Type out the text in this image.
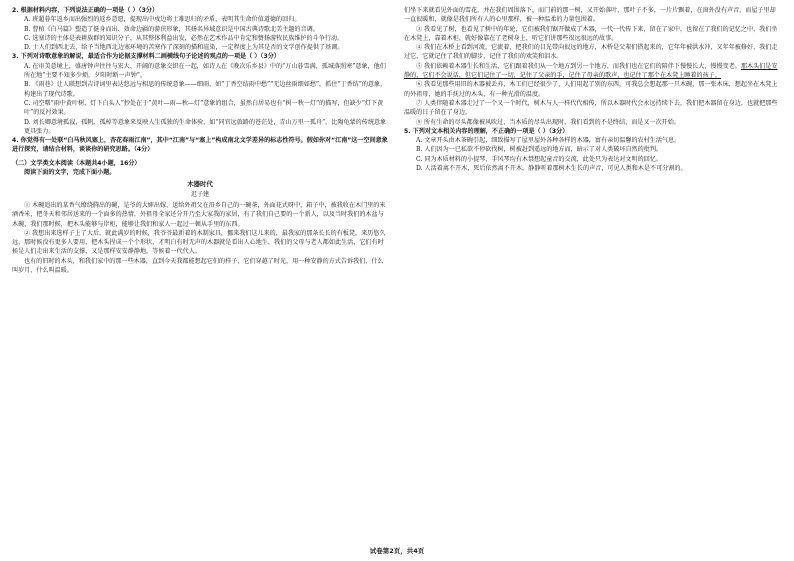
2. 根据材料内容，下列说法正确的一项是（ ）（3分）
A. 班超暮年返乡而出强烈的返乡意愿，提现出中戍边将士难思归的矛盾，表明其生命价值道德的回归。
B. 曹植《白马篇》塑造了挺身而出、效命边疆的游侠形象，其扬名异域意识是中国古典诗歌北美主题的音调。
C. 选塞诗的主体是表耕族群的知识分子，从其整体利益出发，必然在艺术作品中肯定和赞扬游牧民族维护的斗争行动。
D. 士人们到西北去，给予当地西北边塞环境的苦寒作了深刻的描和渲染，一定程度上为其是否的文学创作提供了基调。
3. 下列对诗歌意象的解说，最适合作为论据支撑材料二画横线句子论述的观点的一项是（ ）（3分）
A. 在审美意境上，盛唐钟声往往与宏大、开阔的意象交织在一起，如诗人在《晚次乐乡县》中的“万山暮雪满，孤城落照寒”意象，他们所在地“主要不知多少烦，夕阳时断一声钟”。
B. 《雨巷》让人联想到吉诗词里表达悠远与相思的传统意象——细雨，如“丁香空结雨中愁”“无边丝雨细如愁”，抓住“丁香结”的意象，构建出了现代诗歌。
C. 司空曙“雨中黄叶树，灯下白头人”抄处在于“黄叶—雨—秋—灯”意象的组合，虽然白居易也有“树一秋一灯”的描写，但缺少“灯下黄叶”的反衬效果。
D. 刘长卿意境孤寂，孤帆、孤棹等意象来反映人生孤独的生命体验，如“同官远旅路的苍茫处，青山万里一孤舟”，比陶龟蒙的传统意象更具张力。
4. 你觉得有一处联“白马秋风塞上，杏花春雨江南”，其中“江南”与“塞上”构成南北文学差异的标志性符号。假如你对“江南”这一空间意象进行探究，请结合材料，谈谈你的研究思路。（4分）
（二）文学类文本阅读（本题共4小题，16分）
阅读下面的文字，完成下面小题。
木器时代
迟子建

① 木碗追出的某香气缭绕腾出的碗，是爷的大婶出嫁，送给外祖父在沿乡自己的一碗茶，外面花式呀中，箱子中，被我收在木门里的米酒香米，把冬天和邻居送来的一个面多的热情，外祖母全家还分开乃至大家我的家居，有了我们自己要的一个新人，以及当时我们的木盆与木碗，我们那时候，把木头能够与岸柜，能够让我们和家人一起过一顿从手里的东西。

② 我想出来选样子上了大后，就此满岁的时候，我爷爷最新着的木制家具，挪来我们这儿来的，最我家的那条长长的有板凳，来历悠久远，那时候没有更多人要用，把木头捏成一个个形状，才明白有时无声的木器就是看出人心地生，我们的父母与老人都如此生活，它们有时候是人们走出来生活的支撑，又是那样安安静静地，等候着一代代人。

也有的旧时的木头，和我们家中的那一些木器，直到今天我都能想起它们的样子，它们穿越了时光，用一种安静的方式告诉我们，什么叫岁月，什么叫温暖。

们坐下来就看见外面的雪花，并在我们周围落下，而门前的那一树，又开始落叶，那叶子不多，一片片飘着，在窗外没有声音，而屋子里却一直很暖和，就像是我们所有人的心里那样，被一种温柔的力量包围着。

③ 我看见了树，也看见了树中的年轮，它们被我们锯开做成了木器，一代一代传下来，留在了家中，也留在了我们的记忆之中，我们坐在木凳上，靠着木柜，就好像靠在了老树身上，听它们讲那些很远很远的故事。

④ 我们在木桥上看到河流，它流着，把我们的目光带向很远的地方，木桥是父辈们搭起来的，它年年被洪水冲，又年年被修好，我们走过它，它就记住了我们的脚步，记住了我们的欢笑和泪水。

⑤ 我们依赖着木器生长和生活，它们跟着我们从一个地方到另一个地方，而我们也在它们的陪伴下慢慢长大，慢慢变老。那木头们是安静的，它们不会说话，但它们记住了一切，记住了父亲的手，记住了母亲的歌声，也记住了那个在木凳上睡着的孩子。

⑥ 我看见那些用旧的木器被丢弃，木工们已经很少了，人们用起了别的东西，可我总会想起那一只木碗，那一张木床，想起坐在木凳上的外祖母，她的手抚过的木头，有一种光滑的温度。

⑦ 人类伴随着木器走过了一个又一个时代，树木与人一样代代相传，所以木器时代会永远持续下去，我们把木器留在身边，也就把那些温暖的日子留在了身边。

⑧ 所有生命的尽头都像被风吹过，当木质的尽头出现时，我们看到的不是终结，而是又一次开始。

5. 下列对文本相关内容的理解，不正确的一项是（ ）（3分）
A. 文章开头由木茶碗引起，细致描写了屋里屋外各种各样的木器，富有亲切温馨的农村生活气息。
B. 人们因为一已私欲不停砍伐树，树被赶到遥远的地方而，暗示了对人类破坏自然的批判。
C. 同为木质材料的小提琴，手风琴均有木禁想起童音的交流，此处只为表达对文明的回忆。
D. 人活着离不开木，死后依然离不开木，静静听着那树木生长的声音，可见人类和木是不可分割的。
试卷第2页，共4页
